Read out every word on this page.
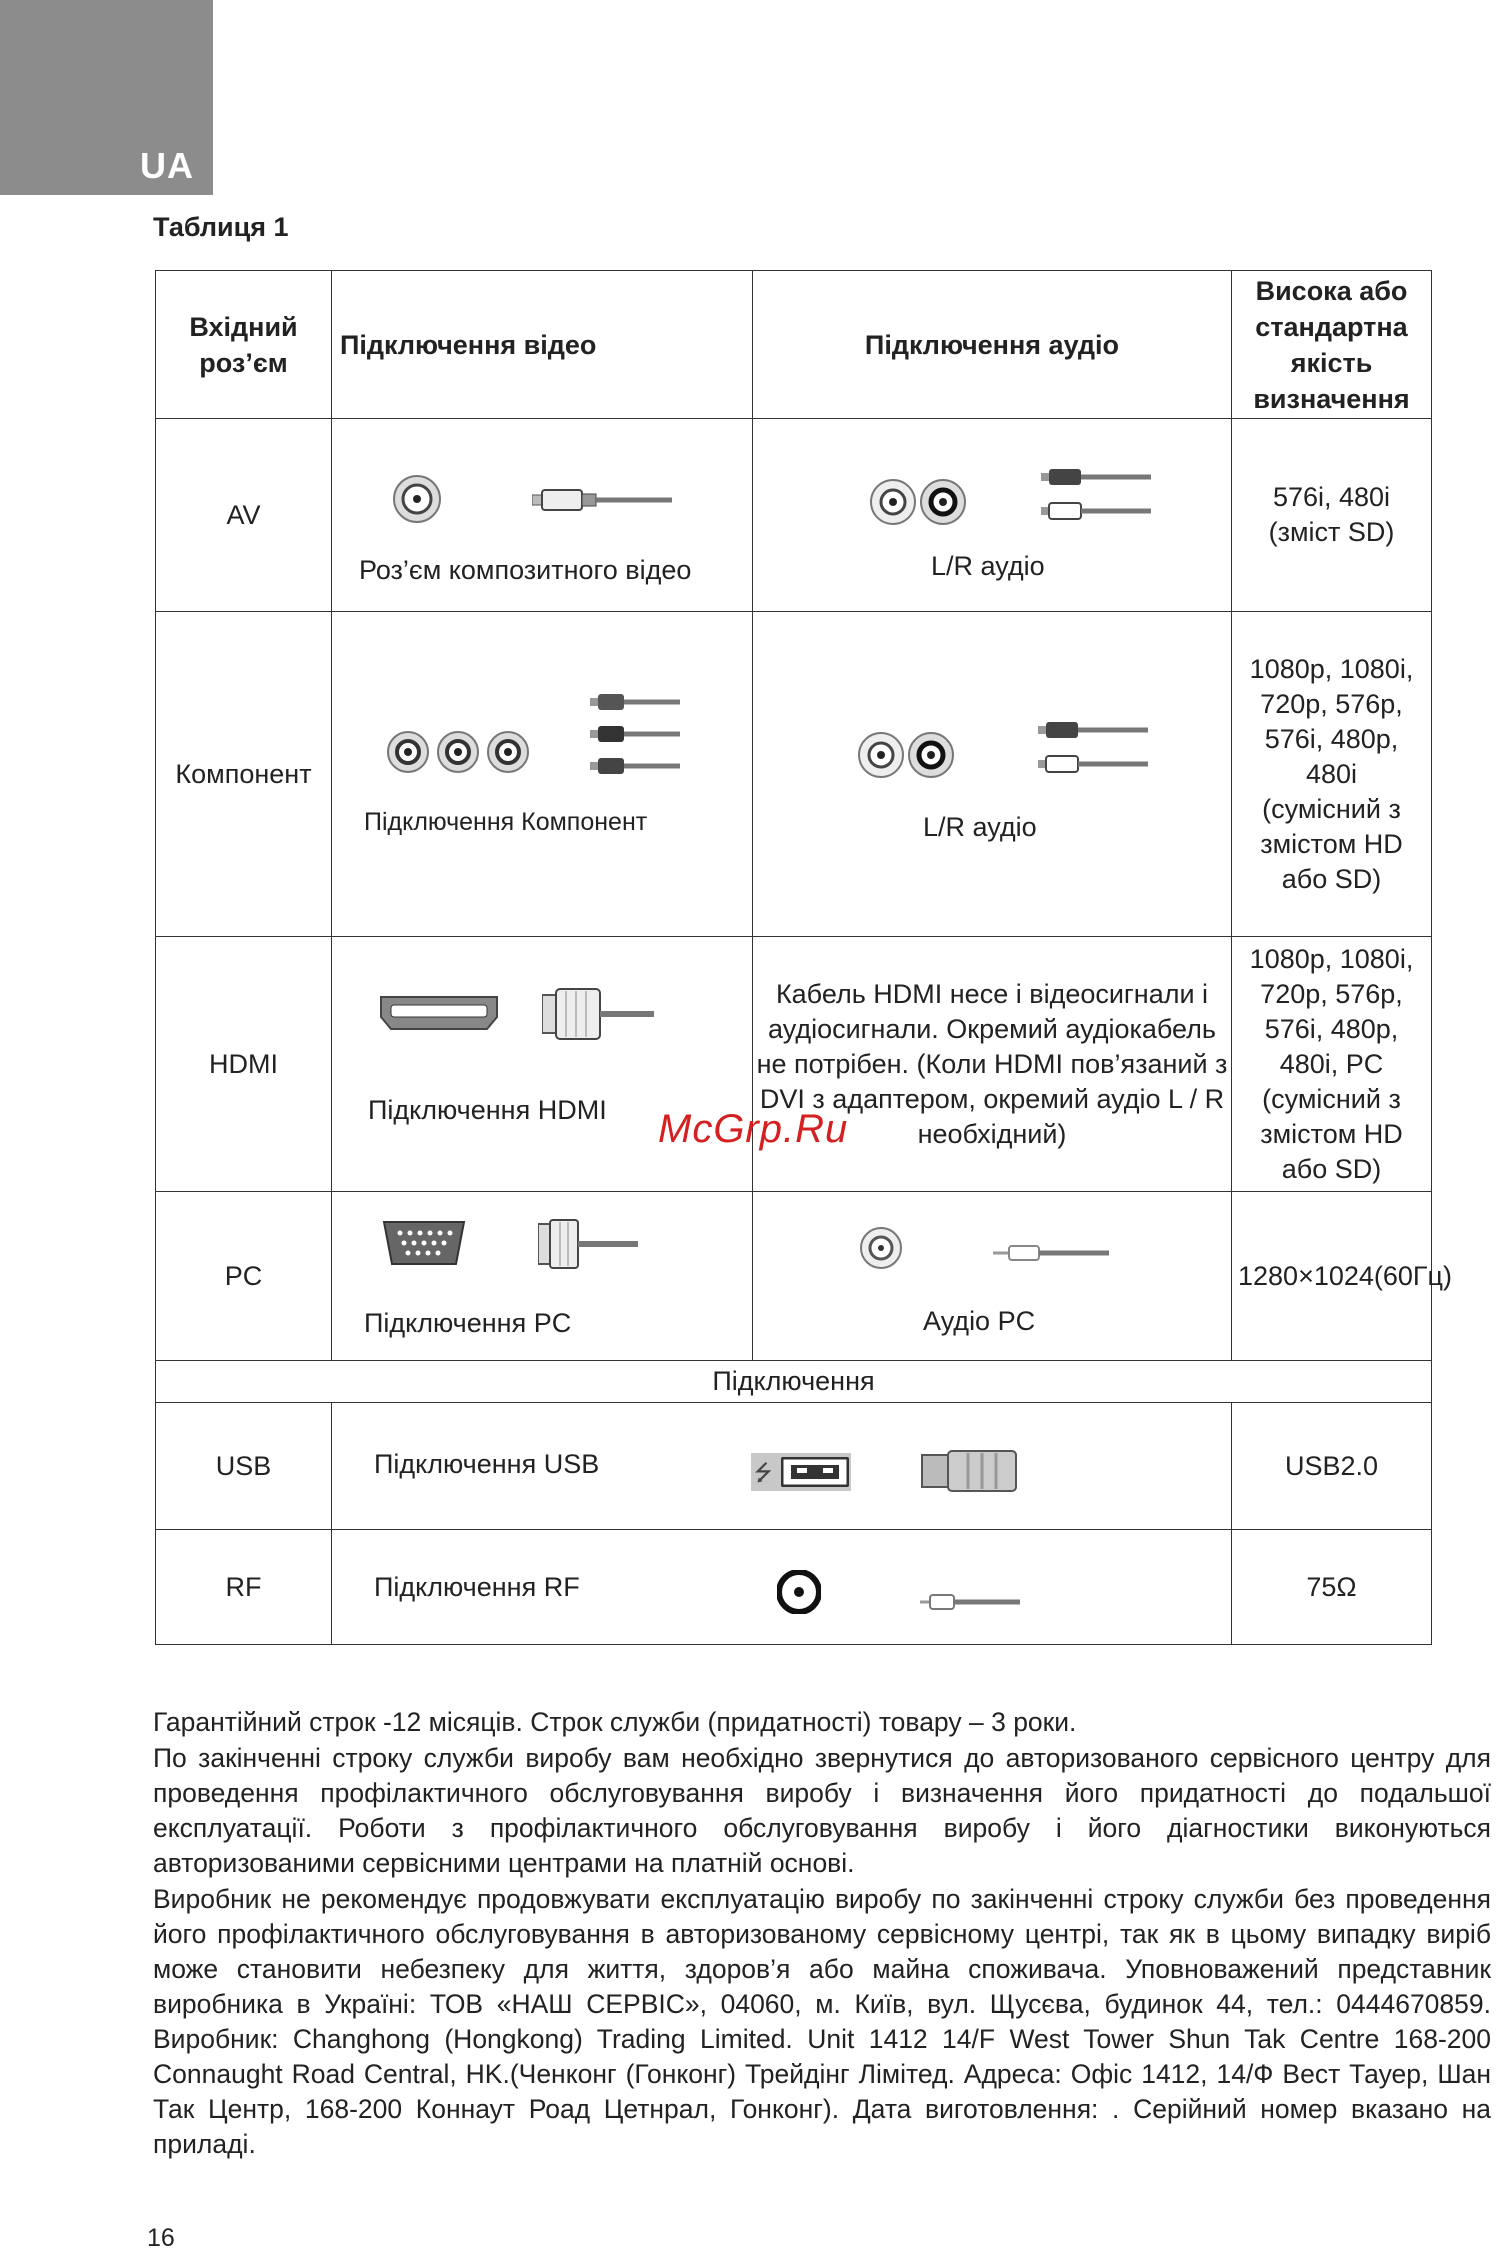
UA
Таблиця 1
Вхідний роз’єм	Підключення відео	Підключення аудіо	Висока або стандартна якість визначення
AV	Роз’єм композитного відео	L/R аудіо	576i, 480i (зміст SD)
Компонент	Підключення Компонент	L/R аудіо	1080p, 1080i, 720p, 576p, 576i, 480p, 480i (сумісний з змістом HD або SD)
HDMI	Підключення HDMI	Кабель HDMI несе і відеосигнали і аудіосигнали. Окремий аудіокабель не потрібен. (Коли HDMI пов’язаний з DVI з адаптером, окремий аудіо L / R необхідний)	1080p, 1080i, 720p, 576p, 576i, 480p, 480i, PC (сумісний з змістом HD або SD)
PC	Підключення PC	Аудіо PC	1280×1024(60Гц)
Підключення			
USB	Підключення USB ⭍		USB2.0
RF	Підключення RF		75Ω
McGrp.Ru
Гарантійний строк -12 місяців. Строк служби (придатності) товару – 3 роки.
По закінченні строку служби виробу вам необхідно звернутися до авторизованого сервісного центру для проведення профілактичного обслуговування виробу і визначення його придатності до подальшої експлуатації. Роботи з профілактичного обслуговування виробу і його діагностики виконуються авторизованими сервісними центрами на платній основі.
Виробник не рекомендує продовжувати експлуатацію виробу по закінченні строку служби без проведення його профілактичного обслуговування в авторизованому сервісному центрі, так як в цьому випадку виріб може становити небезпеку для життя, здоров’я або майна споживача. Уповноважений представник виробника в Україні: ТОВ «НАШ СЕРВІС», 04060, м. Київ, вул. Щусєва, будинок 44, тел.: 0444670859. Виробник: Changhong (Hongkong) Trading Limited. Unit 1412 14/F West Tower Shun Tak Centre 168-200 Connaught Road Central, HK.(Ченконг (Гонконг) Трейдінг Лімітед. Адреса: Офіс 1412, 14/Ф Вест Тауер, Шан Так Центр, 168-200 Коннаут Роад Цетнрал, Гонконг). Дата виготовлення: . Серійний номер вказано на приладі.
16
